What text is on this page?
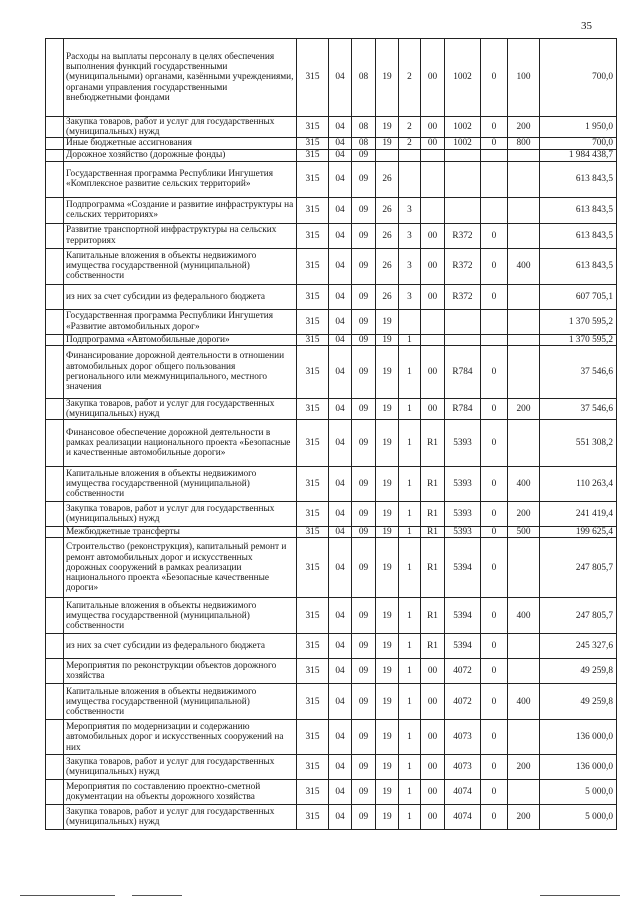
35
	Расходы на выплаты персоналу в целях обеспечения выполнения функций государственными (муниципальными) органами, казёнными учреждениями, органами управления государственными внебюджетными фондами	315	04	08	19	2	00	1002	0	100	700,0
	Закупка товаров, работ и услуг для государственных (муниципальных) нужд	315	04	08	19	2	00	1002	0	200	1 950,0
	Иные бюджетные ассигнования	315	04	08	19	2	00	1002	0	800	700,0
	Дорожное хозяйство (дорожные фонды)	315	04	09							1 984 438,7
	Государственная программа Республики Ингушетия «Комплексное развитие сельских территорий»	315	04	09	26						613 843,5
	Подпрограмма «Создание и развитие инфраструктуры на сельских территориях»	315	04	09	26	3					613 843,5
	Развитие транспортной инфраструктуры на сельских территориях	315	04	09	26	3	00	R372	0		613 843,5
	Капитальные вложения в объекты недвижимого имущества государственной (муниципальной) собственности	315	04	09	26	3	00	R372	0	400	613 843,5
	из них за счет субсидии из федерального бюджета	315	04	09	26	3	00	R372	0		607 705,1
	Государственная программа Республики Ингушетия «Развитие автомобильных дорог»	315	04	09	19						1 370 595,2
	Подпрограмма «Автомобильные дороги»	315	04	09	19	1					1 370 595,2
	Финансирование дорожной деятельности в отношении автомобильных дорог общего пользования регионального или межмуниципального, местного значения	315	04	09	19	1	00	R784	0		37 546,6
	Закупка товаров, работ и услуг для государственных (муниципальных) нужд	315	04	09	19	1	00	R784	0	200	37 546,6
	Финансовое обеспечение дорожной деятельности в рамках реализации национального проекта «Безопасные и качественные автомобильные дороги»	315	04	09	19	1	R1	5393	0		551 308,2
	Капитальные вложения в объекты недвижимого имущества государственной (муниципальной) собственности	315	04	09	19	1	R1	5393	0	400	110 263,4
	Закупка товаров, работ и услуг для государственных (муниципальных) нужд	315	04	09	19	1	R1	5393	0	200	241 419,4
	Межбюджетные трансферты	315	04	09	19	1	R1	5393	0	500	199 625,4
	Строительство (реконструкция), капитальный ремонт и ремонт автомобильных дорог и искусственных дорожных сооружений в рамках реализации национального проекта «Безопасные качественные дороги»	315	04	09	19	1	R1	5394	0		247 805,7
	Капитальные вложения в объекты недвижимого имущества государственной (муниципальной) собственности	315	04	09	19	1	R1	5394	0	400	247 805,7
	из них за счет субсидии из федерального бюджета	315	04	09	19	1	R1	5394	0		245 327,6
	Мероприятия по реконструкции объектов дорожного хозяйства	315	04	09	19	1	00	4072	0		49 259,8
	Капитальные вложения в объекты недвижимого имущества государственной (муниципальной) собственности	315	04	09	19	1	00	4072	0	400	49 259,8
	Мероприятия по модернизации и содержанию автомобильных дорог и искусственных сооружений на них	315	04	09	19	1	00	4073	0		136 000,0
	Закупка товаров, работ и услуг для государственных (муниципальных) нужд	315	04	09	19	1	00	4073	0	200	136 000,0
	Мероприятия по составлению проектно-сметной документации на объекты дорожного хозяйства	315	04	09	19	1	00	4074	0		5 000,0
	Закупка товаров, работ и услуг для государственных (муниципальных) нужд	315	04	09	19	1	00	4074	0	200	5 000,0
